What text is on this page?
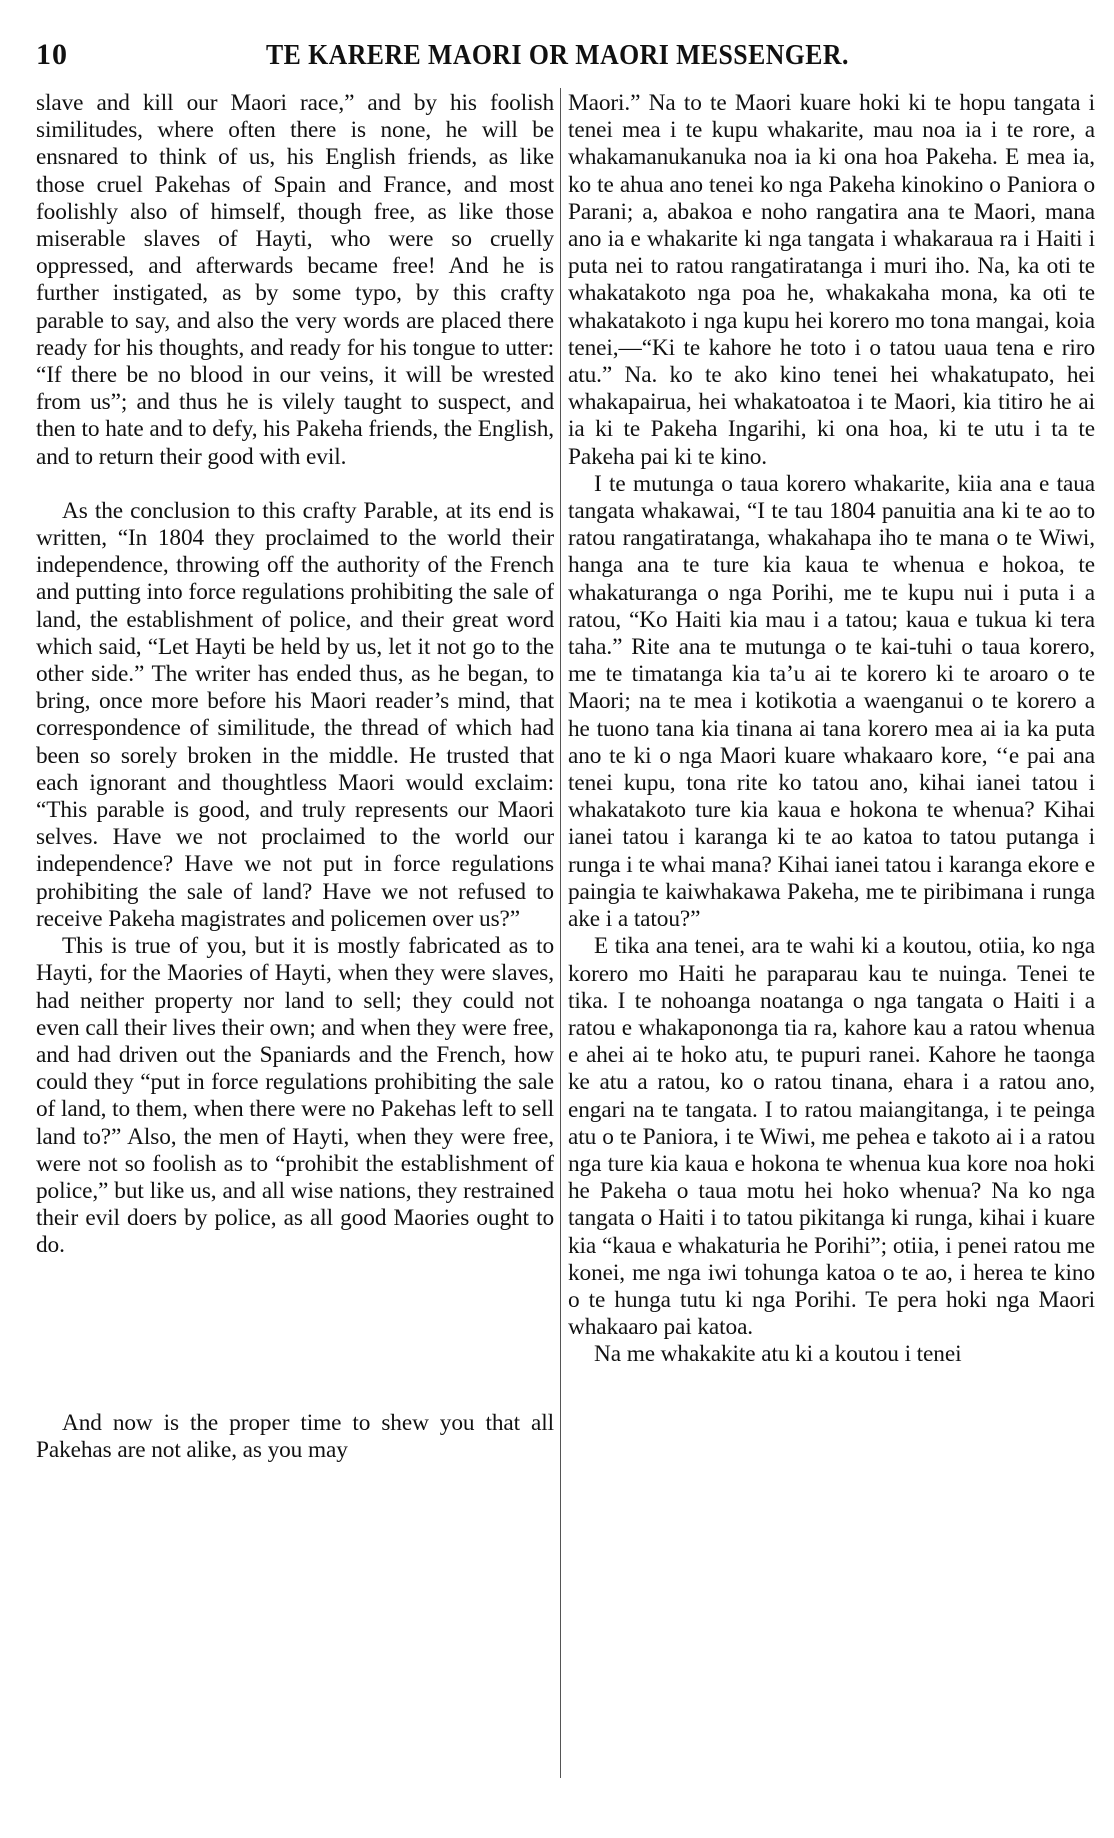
10	TE KARERE MAORI OR MAORI MESSENGER.

slave and kill our Maori race,” and by his foolish similitudes, where often there is none, he will be ensnared to think of us, his English friends, as like those cruel Pakehas of Spain and France, and most foolishly also of himself, though free, as like those miserable slaves of Hayti, who were so cruelly oppressed, and afterwards became free! And he is further instigated, as by some typo, by this crafty parable to say, and also the very words are placed there ready for his thoughts, and ready for his tongue to utter: “If there be no blood in our veins, it will be wrested from us”; and thus he is vilely taught to suspect, and then to hate and to defy, his Pakeha friends, the English, and to return their good with evil.

As the conclusion to this crafty Parable, at its end is written, “In 1804 they proclaimed to the world their independence, throwing off the authority of the French and putting into force regulations prohibiting the sale of land, the establishment of police, and their great word which said, “Let Hayti be held by us, let it not go to the other side.” The writer has ended thus, as he began, to bring, once more before his Maori reader’s mind, that correspondence of similitude, the thread of which had been so sorely broken in the middle. He trusted that each ignorant and thoughtless Maori would exclaim: “This parable is good, and truly represents our Maori selves. Have we not proclaimed to the world our independence? Have we not put in force regulations prohibiting the sale of land? Have we not refused to receive Pakeha magistrates and policemen over us?”

This is true of you, but it is mostly fabricated as to Hayti, for the Maories of Hayti, when they were slaves, had neither property nor land to sell; they could not even call their lives their own; and when they were free, and had driven out the Spaniards and the French, how could they “put in force regulations prohibiting the sale of land, to them, when there were no Pakehas left to sell land to?” Also, the men of Hayti, when they were free, were not so foolish as to “prohibit the establishment of police,” but like us, and all wise nations, they restrained their evil doers by police, as all good Maories ought to do.

And now is the proper time to shew you that all Pakehas are not alike, as you may

Maori.” Na to te Maori kuare hoki ki te hopu tangata i tenei mea i te kupu whakarite, mau noa ia i te rore, a whakamanukanuka noa ia ki ona hoa Pakeha. E mea ia, ko te ahua ano tenei ko nga Pakeha kinokino o Paniora o Parani; a, abakoa e noho rangatira ana te Maori, mana ano ia e whakarite ki nga tangata i whakaraua ra i Haiti i puta nei to ratou rangatiratanga i muri iho. Na, ka oti te whakatakoto nga poa he, whakakaha mona, ka oti te whakatakoto i nga kupu hei korero mo tona mangai, koia tenei,—“Ki te kahore he toto i o tatou uaua tena e riro atu.” Na. ko te ako kino tenei hei whakatupato, hei whakapairua, hei whakatoatoa i te Maori, kia titiro he ai ia ki te Pakeha Ingarihi, ki ona hoa, ki te utu i ta te Pakeha pai ki te kino.

I te mutunga o taua korero whakarite, kiia ana e taua tangata whakawai, “I te tau 1804 panuitia ana ki te ao to ratou rangatiratanga, whakahapa iho te mana o te Wiwi, hanga ana te ture kia kaua te whenua e hokoa, te whakaturanga o nga Porihi, me te kupu nui i puta i a ratou, “Ko Haiti kia mau i a tatou; kaua e tukua ki tera taha.” Rite ana te mutunga o te kai-tuhi o taua korero, me te timatanga kia ta’u ai te korero ki te aroaro o te Maori; na te mea i kotikotia a waenganui o te korero a he tuono tana kia tinana ai tana korero mea ai ia ka puta ano te ki o nga Maori kuare whakaaro kore, ‘‘e pai ana tenei kupu, tona rite ko tatou ano, kihai ianei tatou i whakatakoto ture kia kaua e hokona te whenua? Kihai ianei tatou i karanga ki te ao katoa to tatou putanga i runga i te whai mana? Kihai ianei tatou i karanga ekore e paingia te kaiwhakawa Pakeha, me te piribimana i runga ake i a tatou?”

E tika ana tenei, ara te wahi ki a koutou, otiia, ko nga korero mo Haiti he paraparau kau te nuinga. Tenei te tika. I te nohoanga noatanga o nga tangata o Haiti i a ratou e whakapononga tia ra, kahore kau a ratou whenua e ahei ai te hoko atu, te pupuri ranei. Kahore he taonga ke atu a ratou, ko o ratou tinana, ehara i a ratou ano, engari na te tangata. I to ratou maiangitanga, i te peinga atu o te Paniora, i te Wiwi, me pehea e takoto ai i a ratou nga ture kia kaua e hokona te whenua kua kore noa hoki he Pakeha o taua motu hei hoko whenua? Na ko nga tangata o Haiti i to tatou pikitanga ki runga, kihai i kuare kia “kaua e whakaturia he Porihi”; otiia, i penei ratou me konei, me nga iwi tohunga katoa o te ao, i herea te kino o te hunga tutu ki nga Porihi. Te pera hoki nga Maori whakaaro pai katoa.

Na me whakakite atu ki a koutou i tenei
